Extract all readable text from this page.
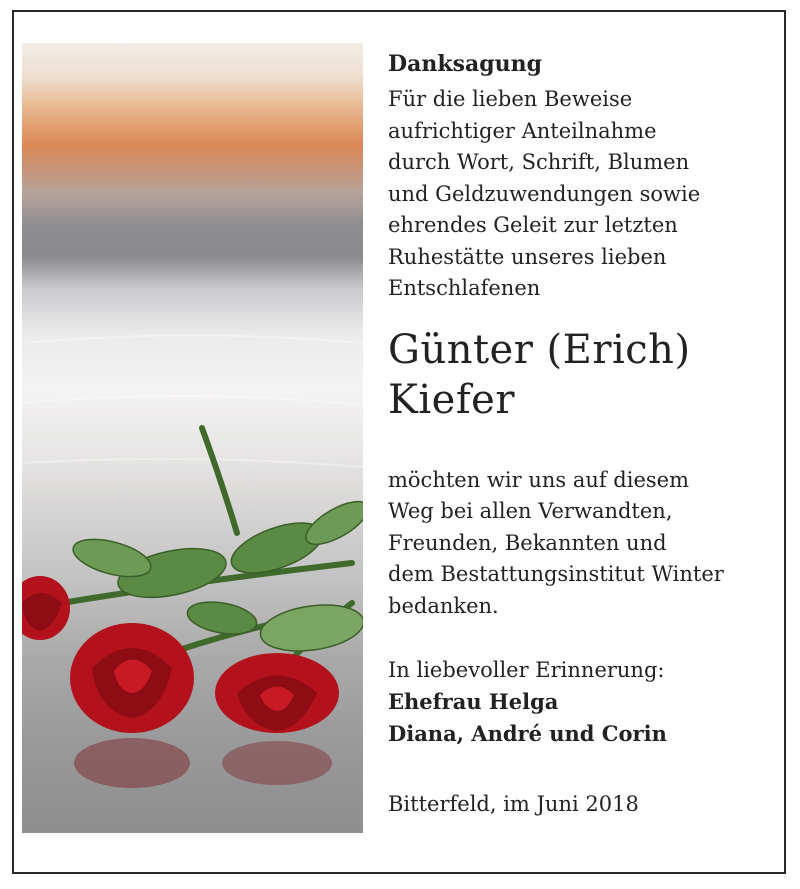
Danksagung

Für die lieben Beweise
aufrichtiger Anteilnahme
durch Wort, Schrift, Blumen
und Geldzuwendungen sowie
ehrendes Geleit zur letzten
Ruhestätte unseres lieben
Entschlafenen

Günter (Erich)
Kiefer

möchten wir uns auf diesem
Weg bei allen Verwandten,
Freunden, Bekannten und
dem Bestattungsinstitut Winter
bedanken.

In liebevoller Erinnerung:
Ehefrau Helga
Diana, André und Corin

Bitterfeld, im Juni 2018
